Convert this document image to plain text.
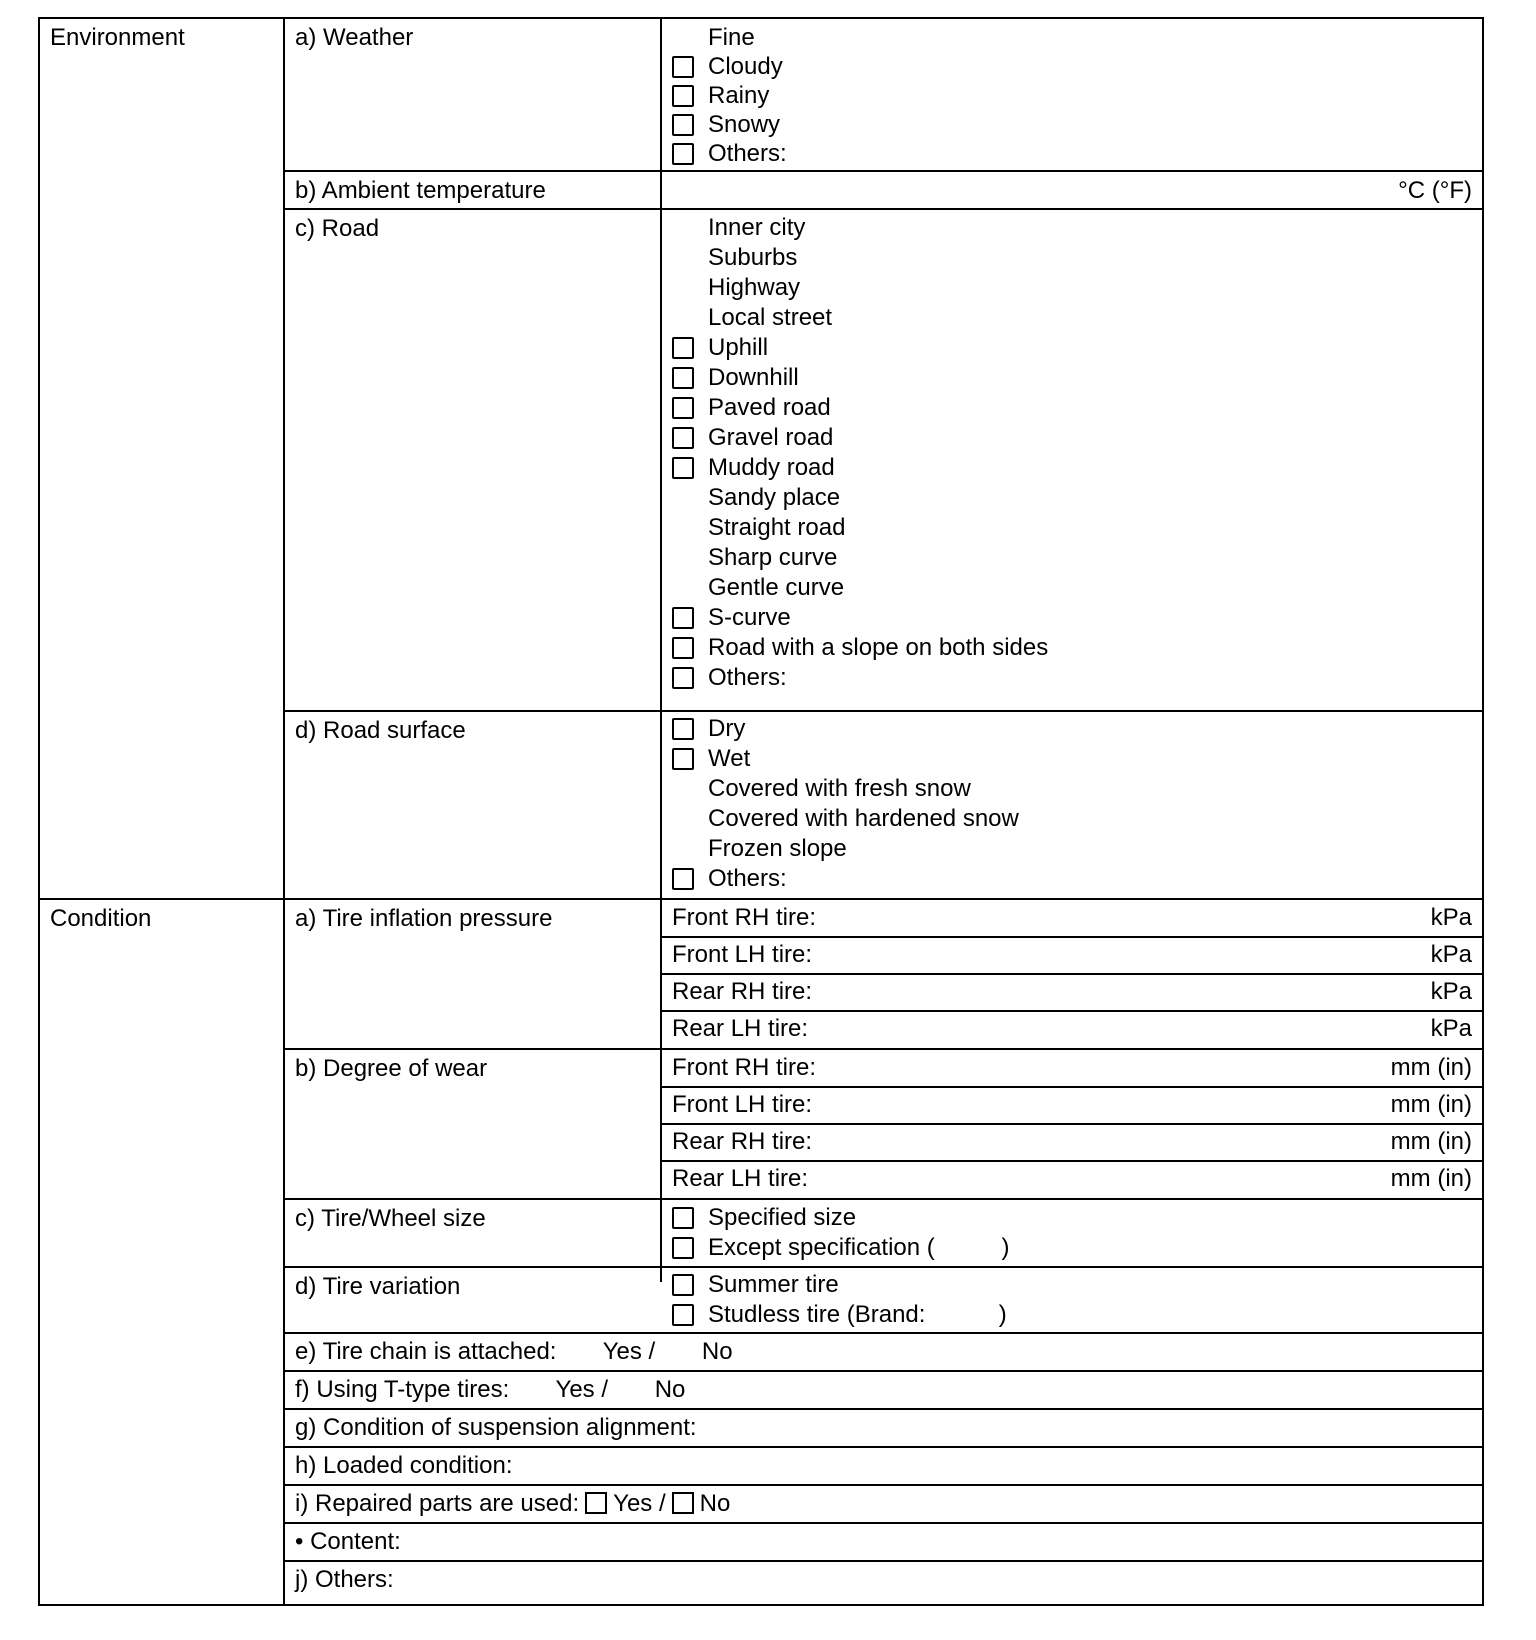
Environment	a) Weather	Fine
Cloudy
Rainy
Snowy
Others:
b) Ambient temperature	°C (°F)
c) Road	Inner city
Suburbs
Highway
Local street
Uphill
Downhill
Paved road
Gravel road
Muddy road
Sandy place
Straight road
Sharp curve
Gentle curve
S-curve
Road with a slope on both sides
Others:
d) Road surface	Dry
Wet
Covered with fresh snow
Covered with hardened snow
Frozen slope
Others:
Condition	a) Tire inflation pressure	Front RH tire:	kPa
Front LH tire:	kPa
Rear RH tire:	kPa
Rear LH tire:	kPa
b) Degree of wear	Front RH tire:	mm (in)
Front LH tire:	mm (in)
Rear RH tire:	mm (in)
Rear LH tire:	mm (in)
c) Tire/Wheel size	Specified size
Except specification (          )
d) Tire variation	Summer tire
Studless tire (Brand:           )
e) Tire chain is attached:       Yes /       No
f) Using T-type tires:       Yes /       No
g) Condition of suspension alignment:
h) Loaded condition:
i) Repaired parts are used: Yes / No
• Content:
j) Others:
